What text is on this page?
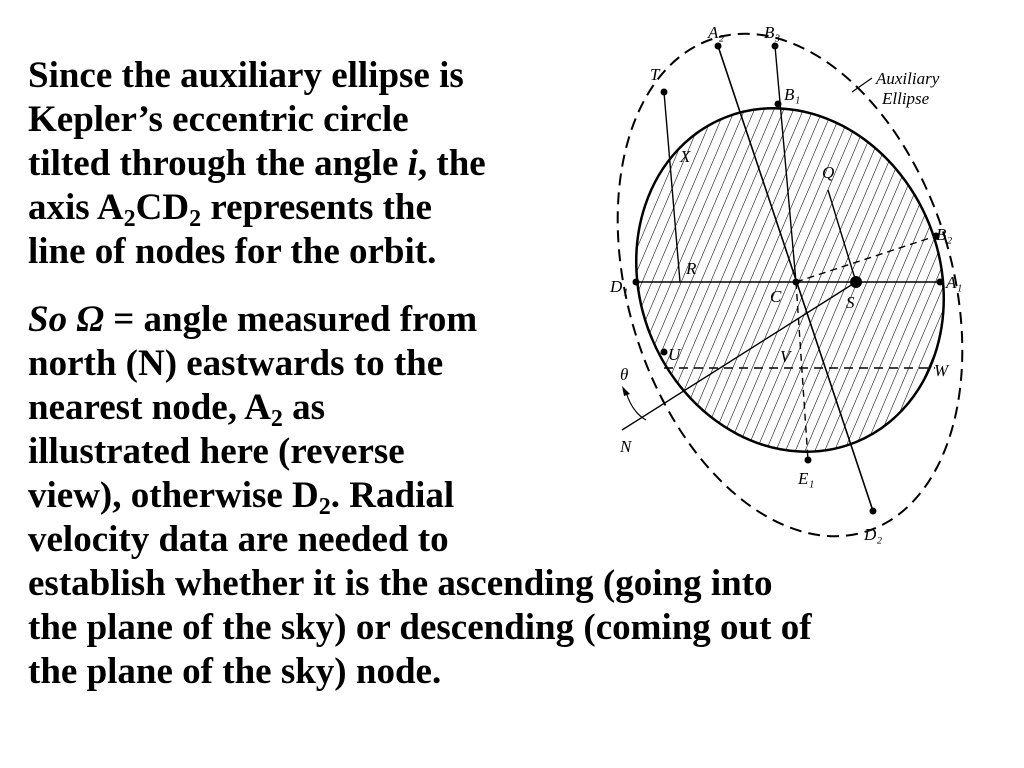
Since the auxiliary ellipse is
Kepler’s eccentric circle
tilted through the angle i, the
axis $A_2CD_2$ represents the
line of nodes for the orbit.
So Ω = angle measured from
north (N) eastwards to the
nearest node, $A_2$ as
illustrated here (reverse
view), otherwise $D_2$. Radial
velocity data are needed to
establish whether it is the ascending (going into
the plane of the sky) or descending (coming out of
the plane of the sky) node.
A₂ B₃
T
B₁
Auxiliary
Ellipse
X
Q
B₂
R
D₁
C	S
A₁
U	V
W
θ
N
E₁
D₂
